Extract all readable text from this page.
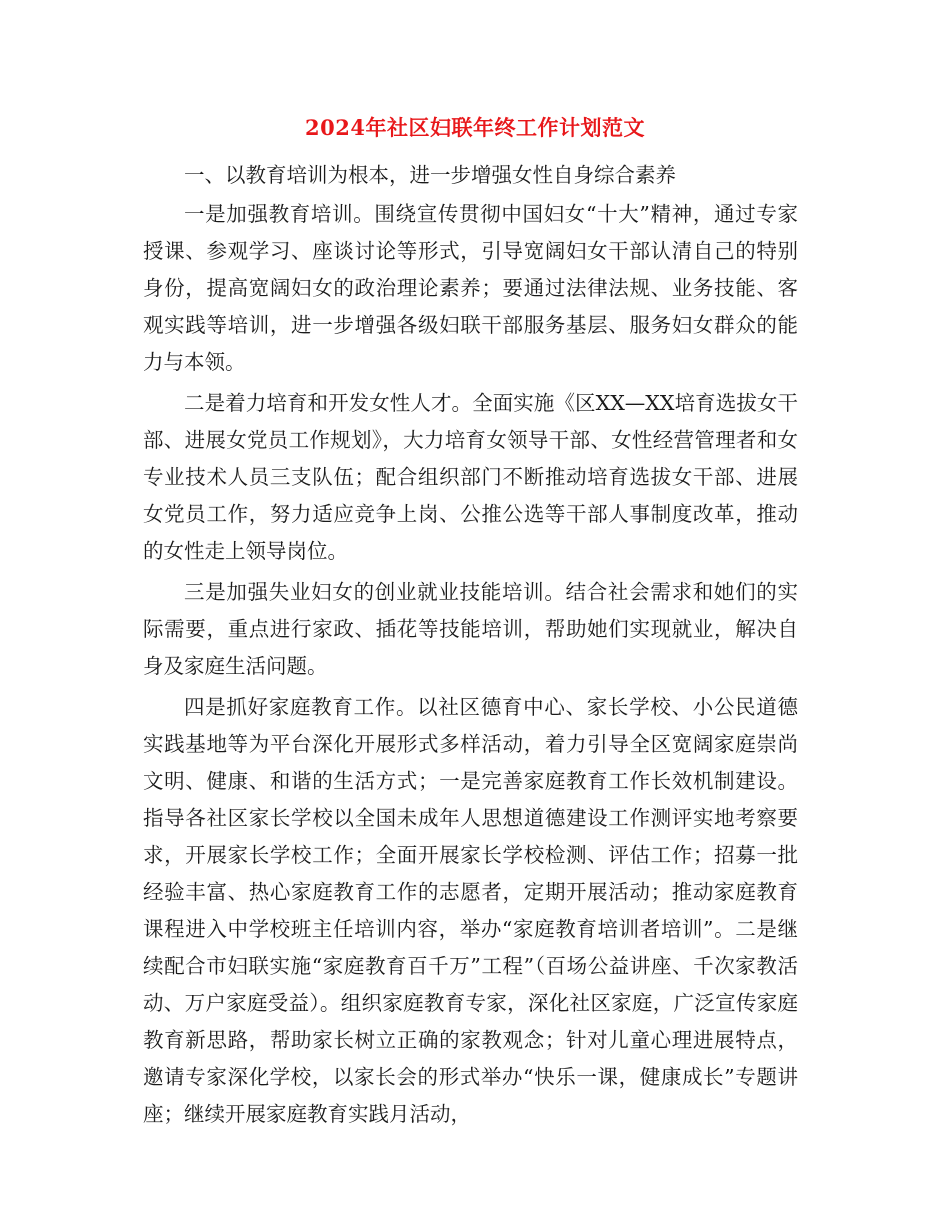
2024年社区妇联年终工作计划范文

一、以教育培训为根本，进一步增强女性自身综合素养

一是加强教育培训。围绕宣传贯彻中国妇女“十大”精神，通过专家授课、参观学习、座谈讨论等形式，引导宽阔妇女干部认清自己的特别身份，提高宽阔妇女的政治理论素养；要通过法律法规、业务技能、客观实践等培训，进一步增强各级妇联干部服务基层、服务妇女群众的能力与本领。

二是着力培育和开发女性人才。全面实施《区XX—XX培育选拔女干部、进展女党员工作规划》，大力培育女领导干部、女性经营管理者和女专业技术人员三支队伍；配合组织部门不断推动培育选拔女干部、进展女党员工作，努力适应竞争上岗、公推公选等干部人事制度改革，推动的女性走上领导岗位。

三是加强失业妇女的创业就业技能培训。结合社会需求和她们的实际需要，重点进行家政、插花等技能培训，帮助她们实现就业，解决自身及家庭生活问题。

四是抓好家庭教育工作。以社区德育中心、家长学校、小公民道德实践基地等为平台深化开展形式多样活动，着力引导全区宽阔家庭崇尚文明、健康、和谐的生活方式；一是完善家庭教育工作长效机制建设。指导各社区家长学校以全国未成年人思想道德建设工作测评实地考察要求，开展家长学校工作；全面开展家长学校检测、评估工作；招募一批经验丰富、热心家庭教育工作的志愿者，定期开展活动；推动家庭教育课程进入中学校班主任培训内容，举办“家庭教育培训者培训”。二是继续配合市妇联实施“家庭教育百千万”工程”（百场公益讲座、千次家教活动、万户家庭受益）。组织家庭教育专家，深化社区家庭，广泛宣传家庭教育新思路，帮助家长树立正确的家教观念；针对儿童心理进展特点，邀请专家深化学校，以家长会的形式举办“快乐一课，健康成长”专题讲座；继续开展家庭教育实践月活动，
